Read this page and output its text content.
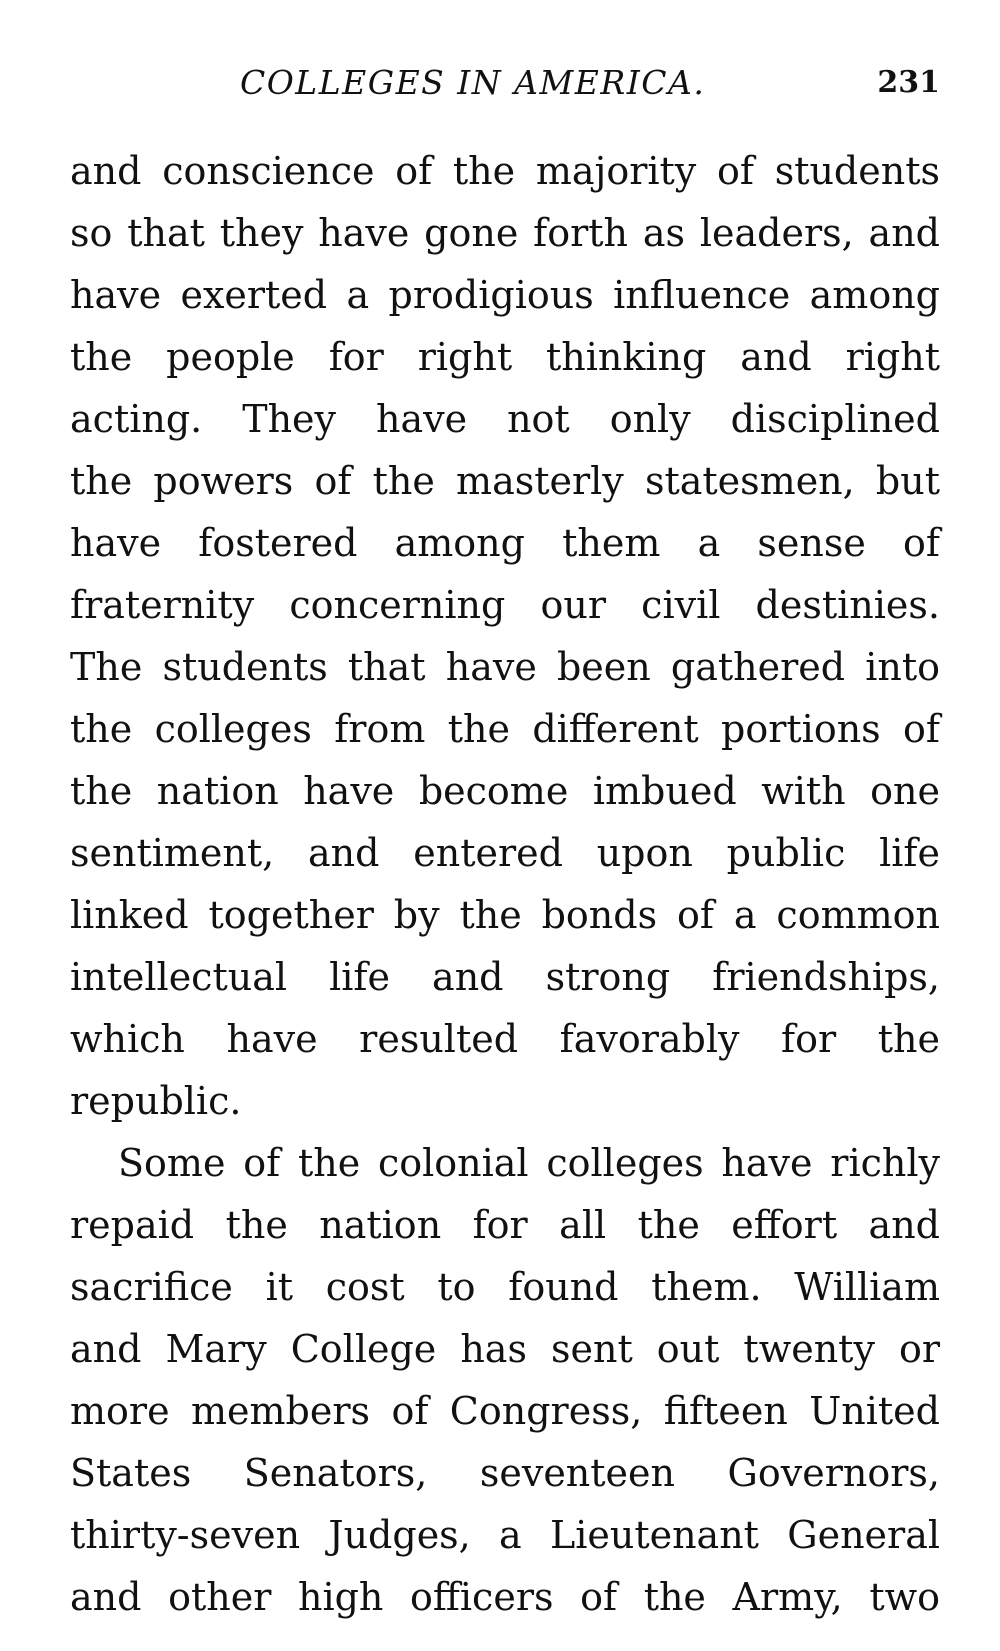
COLLEGES IN AMERICA.	231
and conscience of the majority of students
so that they have gone forth as leaders, and
have exerted a prodigious influence among
the people for right thinking and right
acting. They have not only disciplined
the powers of the masterly statesmen, but
have fostered among them a sense of
fraternity concerning our civil destinies.
The students that have been gathered into
the colleges from the different portions of
the nation have become imbued with one
sentiment, and entered upon public life
linked together by the bonds of a common
intellectual life and strong friendships,
which have resulted favorably for the
republic.
Some of the colonial colleges have richly
repaid the nation for all the effort and
sacrifice it cost to found them. William
and Mary College has sent out twenty or
more members of Congress, fifteen United
States Senators, seventeen Governors,
thirty-seven Judges, a Lieutenant General
and other high officers of the Army, two
